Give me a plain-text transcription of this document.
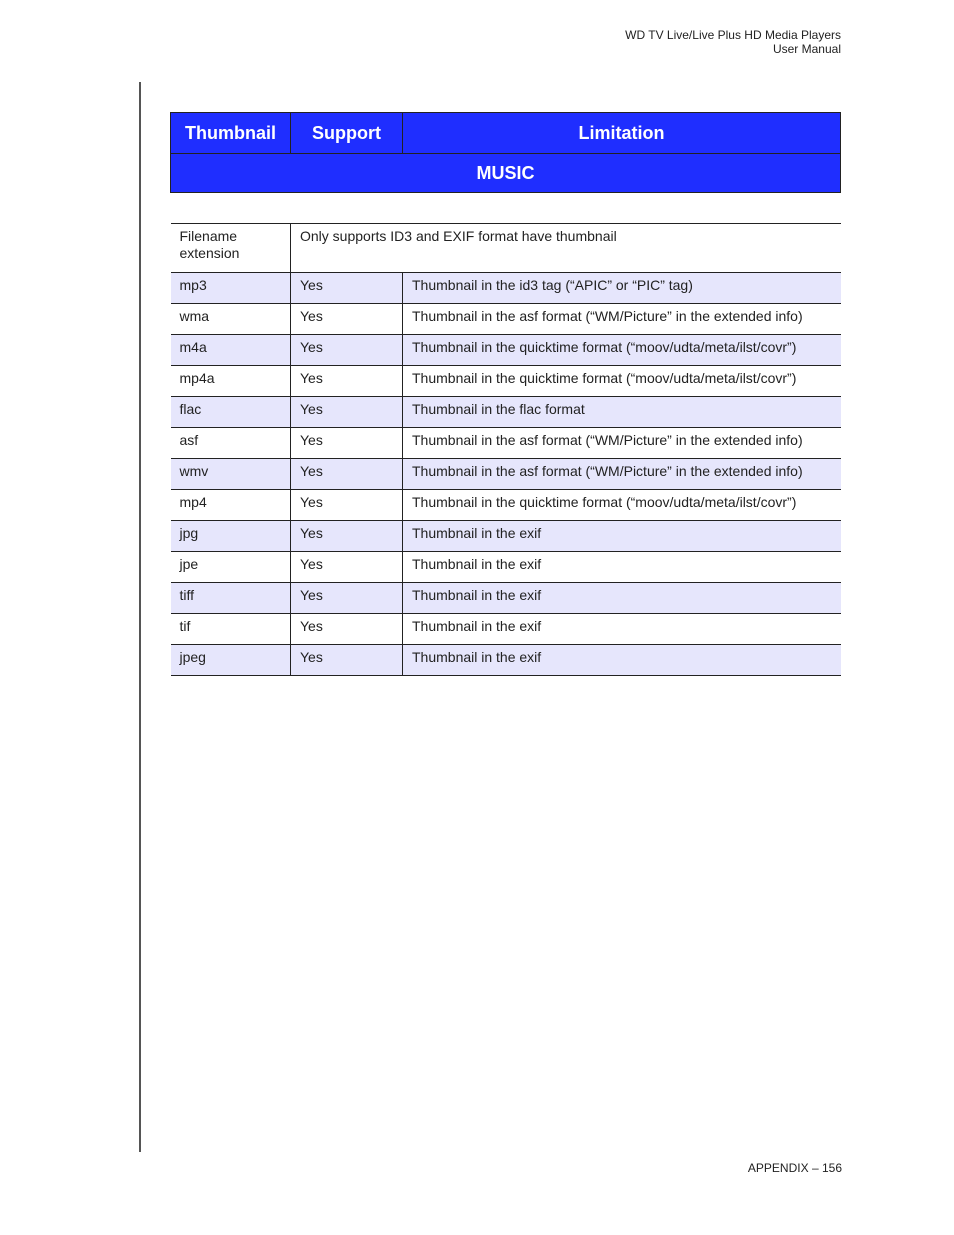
WD TV Live/Live Plus HD Media Players
User Manual
Thumbnail	Support	Limitation
MUSIC		

Filename extension	Only supports ID3 and EXIF format have thumbnail	
mp3	Yes	Thumbnail in the id3 tag (“APIC” or “PIC” tag)
wma	Yes	Thumbnail in the asf format (“WM/Picture” in the extended info)
m4a	Yes	Thumbnail in the quicktime format (“moov/udta/meta/ilst/covr”)
mp4a	Yes	Thumbnail in the quicktime format (“moov/udta/meta/ilst/covr”)
flac	Yes	Thumbnail in the flac format
asf	Yes	Thumbnail in the asf format (“WM/Picture” in the extended info)
wmv	Yes	Thumbnail in the asf format (“WM/Picture” in the extended info)
mp4	Yes	Thumbnail in the quicktime format (“moov/udta/meta/ilst/covr”)
jpg	Yes	Thumbnail in the exif
jpe	Yes	Thumbnail in the exif
tiff	Yes	Thumbnail in the exif
tif	Yes	Thumbnail in the exif
jpeg	Yes	Thumbnail in the exif
APPENDIX – 156
